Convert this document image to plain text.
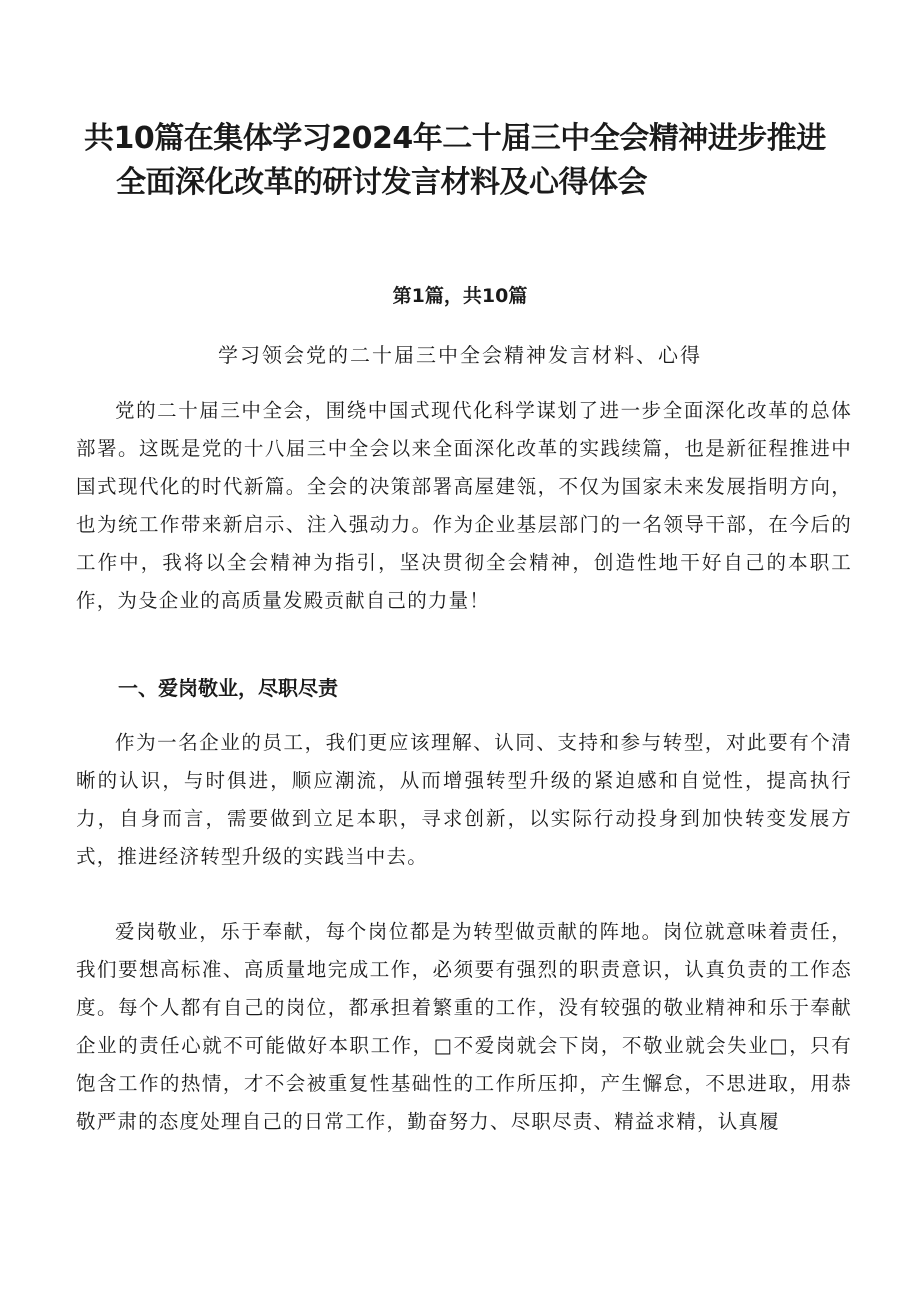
共10篇在集体学习2024年二十届三中全会精神进步推进
全面深化改革的研讨发言材料及心得体会
第1篇，共10篇
学习领会党的二十届三中全会精神发言材料、心得

党的二十届三中全会，围绕中国式现代化科学谋划了进一步全面深化改革的总体部署。这既是党的十八届三中全会以来全面深化改革的实践续篇，也是新征程推进中国式现代化的时代新篇。全会的决策部署高屋建瓴，不仅为国家未来发展指明方向，也为统工作带来新启示、注入强动力。作为企业基层部门的一名领导干部，在今后的工作中，我将以全会精神为指引，坚决贯彻全会精神，创造性地干好自己的本职工作，为殳企业的高质量发殿贡献自己的力量！

一、爱岗敬业，尽职尽责

作为一名企业的员工，我们更应该理解、认同、支持和参与转型，对此要有个清晰的认识，与时俱进，顺应潮流，从而增强转型升级的紧迫感和自觉性，提高执行力，自身而言，需要做到立足本职，寻求创新，以实际行动投身到加快转变发展方式，推进经济转型升级的实践当中去。

爱岗敬业，乐于奉献，每个岗位都是为转型做贡献的阵地。岗位就意味着责任，我们要想高标准、高质量地完成工作，必须要有强烈的职责意识，认真负责的工作态度。每个人都有自己的岗位，都承担着繁重的工作，没有较强的敬业精神和乐于奉献企业的责任心就不可能做好本职工作，□不爱岗就会下岗，不敬业就会失业□，只有饱含工作的热情，才不会被重复性基础性的工作所压抑，产生懈怠，不思进取，用恭敬严肃的态度处理自己的日常工作，勤奋努力、尽职尽责、精益求精，认真履
